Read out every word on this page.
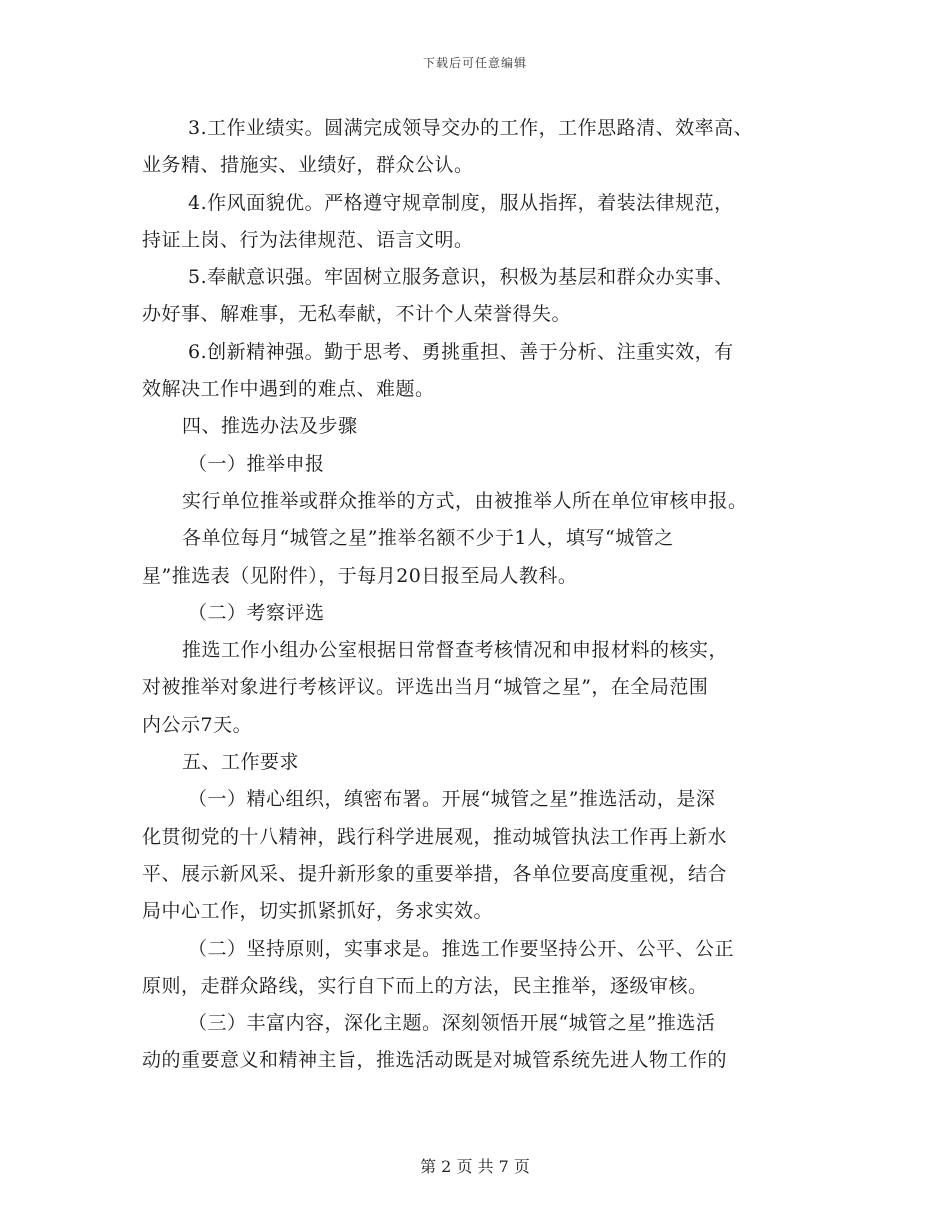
下载后可任意编辑
3.工作业绩实。圆满完成领导交办的工作，工作思路清、效率高、
业务精、措施实、业绩好，群众公认。
4.作风面貌优。严格遵守规章制度，服从指挥，着装法律规范，
持证上岗、行为法律规范、语言文明。
5.奉献意识强。牢固树立服务意识，积极为基层和群众办实事、
办好事、解难事，无私奉献，不计个人荣誉得失。
6.创新精神强。勤于思考、勇挑重担、善于分析、注重实效，有
效解决工作中遇到的难点、难题。
四、推选办法及步骤
（一）推举申报
实行单位推举或群众推举的方式，由被推举人所在单位审核申报。
各单位每月“城管之星”推举名额不少于1人，填写“城管之
星”推选表（见附件），于每月20日报至局人教科。
（二）考察评选
推选工作小组办公室根据日常督查考核情况和申报材料的核实，
对被推举对象进行考核评议。评选出当月“城管之星”，在全局范围
内公示7天。
五、工作要求
（一）精心组织，缜密布署。开展“城管之星”推选活动，是深
化贯彻党的十八精神，践行科学进展观，推动城管执法工作再上新水
平、展示新风采、提升新形象的重要举措，各单位要高度重视，结合
局中心工作，切实抓紧抓好，务求实效。
（二）坚持原则，实事求是。推选工作要坚持公开、公平、公正
原则，走群众路线，实行自下而上的方法，民主推举，逐级审核。
（三）丰富内容，深化主题。深刻领悟开展“城管之星”推选活
动的重要意义和精神主旨，推选活动既是对城管系统先进人物工作的
第 2 页 共 7 页
